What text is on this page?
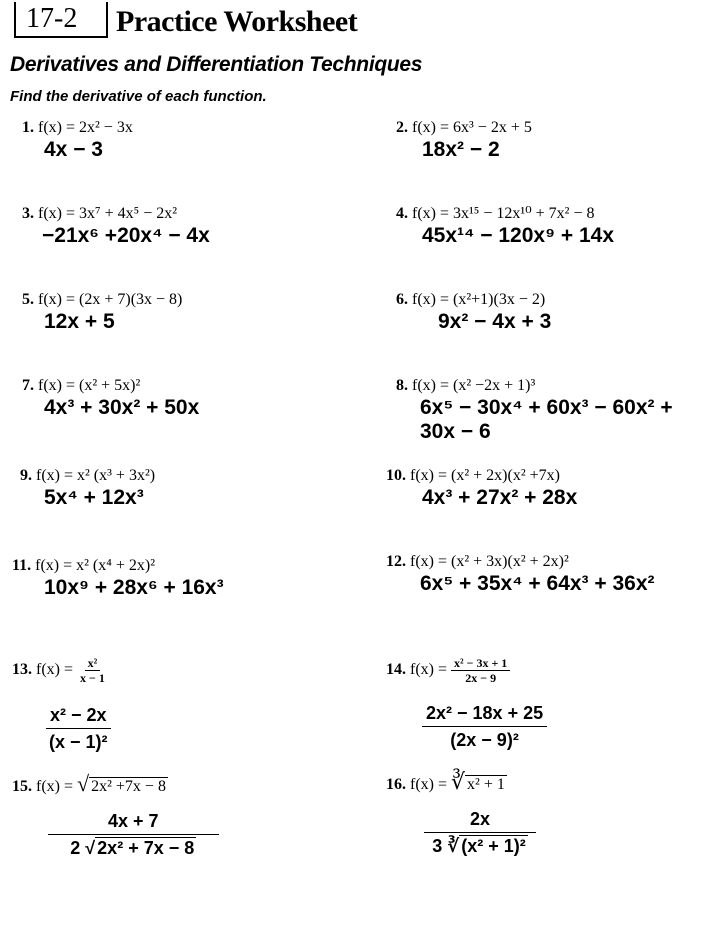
17-2 Practice Worksheet
Derivatives and Differentiation Techniques
Find the derivative of each function.
1. f(x) = 2x² − 3x
4x − 3
2. f(x) = 6x³ − 2x + 5
18x² − 2
3. f(x) = 3x⁷ + 4x⁵ − 2x²
−21x⁶ +20x⁴ − 4x
4. f(x) = 3x¹⁵ − 12x¹⁰ + 7x² − 8
45x¹⁴ − 120x⁹ + 14x
5. f(x) = (2x + 7)(3x − 8)
12x + 5
6. f(x) = (x²+1)(3x − 2)
9x² − 4x + 3
7. f(x) = (x² + 5x)²
4x³ + 30x² + 50x
8. f(x) = (x² −2x + 1)³
6x⁵ − 30x⁴ + 60x³ − 60x² +
30x − 6
9. f(x) = x² (x³ + 3x²)
5x⁴ + 12x³
10. f(x) = (x² + 2x)(x² +7x)
4x³ + 27x² + 28x
11. f(x) = x² (x⁴ + 2x)²
10x⁹ + 28x⁶ + 16x³
12. f(x) = (x² + 3x)(x² + 2x)²
6x⁵ + 35x⁴ + 64x³ + 36x²
13. $f(x) = \frac{\text{x²}}{x - 1}$
$\frac{\text{x² − 2x}}{\text{(x − 1)²}}$
14. $f(x) = \frac{\text{x² − 3x + 1}}{2x - 9}$
$\frac{\text{2x² − 18x + 25}}{\text{(2x − 9)²}}$
15. f(x) = √ 2x² +7x − 8
$\frac{4x + 7}{\text{2 √ 2x² + 7x − 8}}$
16. f(x) = ∛ x² + 1
$\frac{2x}{\text{3 ∛ (x² + 1)²}}$
